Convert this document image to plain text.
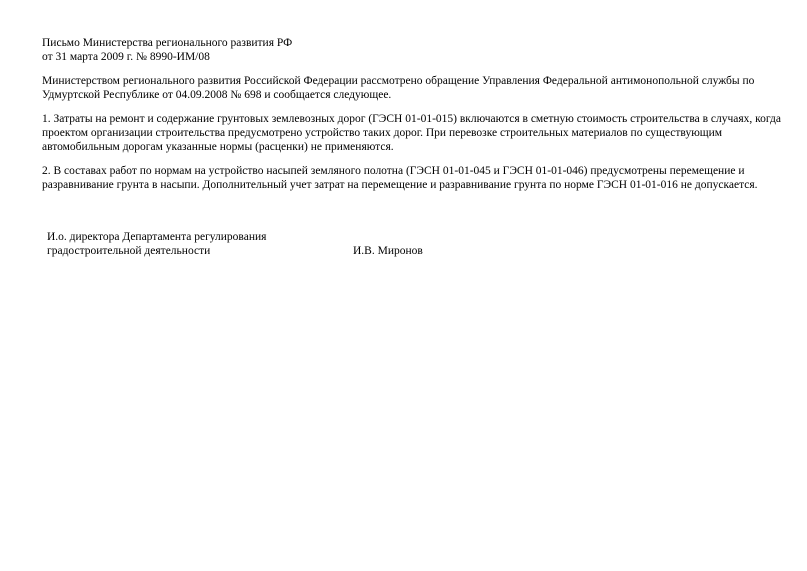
Письмо Министерства регионального развития РФ
от 31 марта 2009 г. № 8990-ИМ/08
Министерством регионального развития Российской Федерации рассмотрено обращение Управления Федеральной антимонопольной службы по
Удмуртской Республике от 04.09.2008 № 698 и сообщается следующее.
1. Затраты на ремонт и содержание грунтовых землевозных дорог (ГЭСН 01-01-015) включаются в сметную стоимость строительства в случаях, когда
проектом организации строительства предусмотрено устройство таких дорог. При перевозке строительных материалов по существующим
автомобильным дорогам указанные нормы (расценки) не применяются.
2. В составах работ по нормам на устройство насыпей земляного полотна (ГЭСН 01-01-045 и ГЭСН 01-01-046) предусмотрены перемещение и
разравнивание грунта в насыпи. Дополнительный учет затрат на перемещение и разравнивание грунта по норме ГЭСН 01-01-016 не допускается.
И.о. директора Департамента регулирования
градостроительной деятельности	И.В. Миронов
